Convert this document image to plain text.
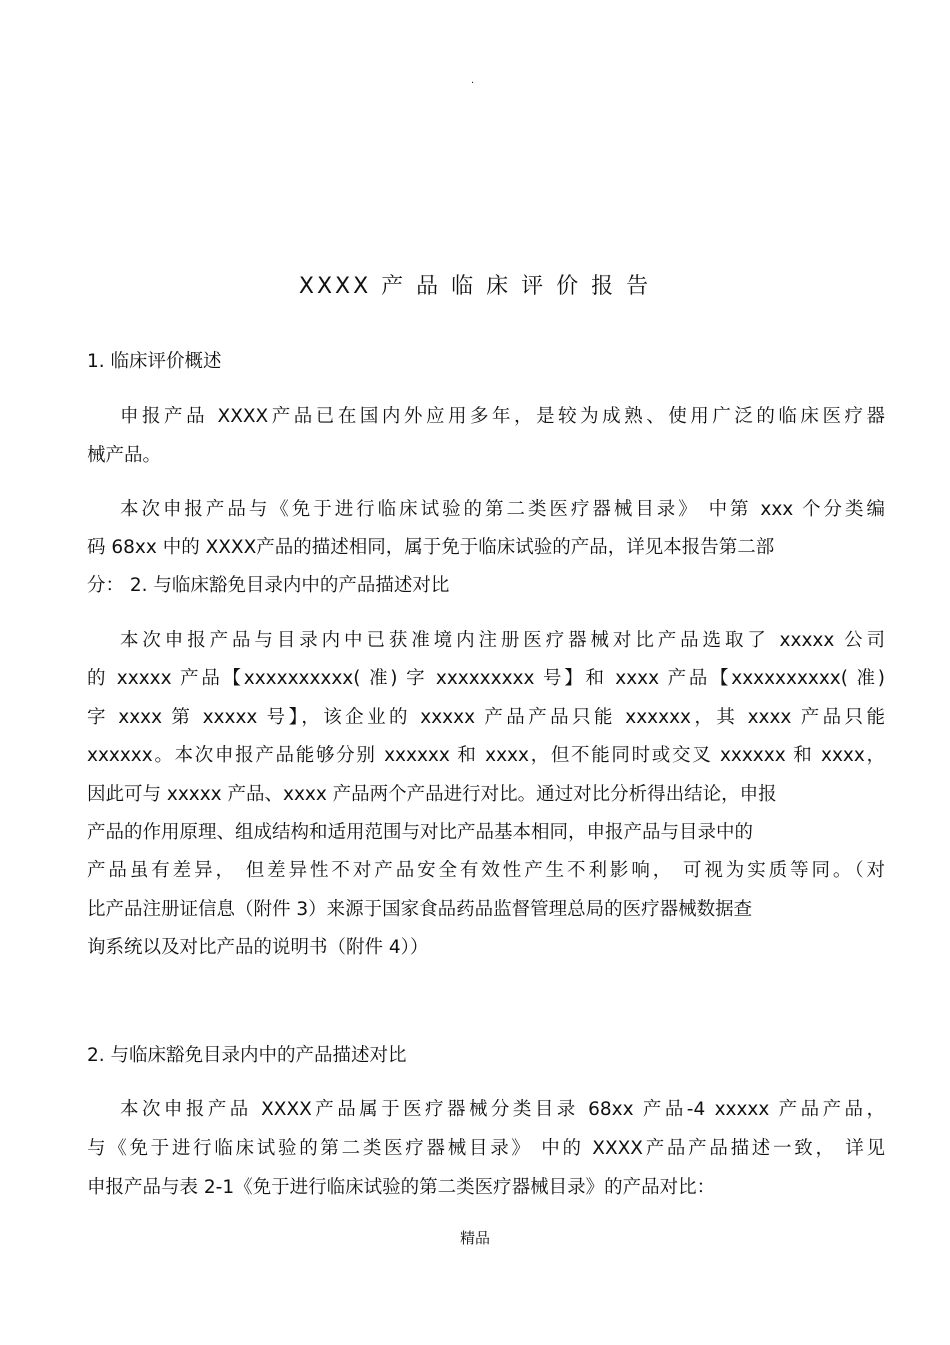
.
XXXX 产 品 临 床 评 价 报 告
1. 临床评价概述
申报产品 XXXX产品已在国内外应用多年，是较为成熟、使用广泛的临床医疗器
械产品。
本次申报产品与《免于进行临床试验的第二类医疗器械目录》 中第 xxx 个分类编
码 68xx 中的 XXXX产品的描述相同，属于免于临床试验的产品，详见本报告第二部
分： 2. 与临床豁免目录内中的产品描述对比
本次申报产品与目录内中已获准境内注册医疗器械对比产品选取了 xxxxx 公司
的 xxxxx 产品【xxxxxxxxxx( 准) 字 xxxxxxxxx 号】和 xxxx 产品【xxxxxxxxxx( 准)
字 xxxx 第 xxxxx 号】，该企业的 xxxxx 产品产品只能 xxxxxx，其 xxxx 产品只能
xxxxxx。本次申报产品能够分别 xxxxxx 和 xxxx，但不能同时或交叉 xxxxxx 和 xxxx，
因此可与 xxxxx 产品、xxxx 产品两个产品进行对比。通过对比分析得出结论，申报
产品的作用原理、组成结构和适用范围与对比产品基本相同，申报产品与目录中的
产品虽有差异， 但差异性不对产品安全有效性产生不利影响， 可视为实质等同。（对
比产品注册证信息（附件 3）来源于国家食品药品监督管理总局的医疗器械数据查
询系统以及对比产品的说明书（附件 4））
2. 与临床豁免目录内中的产品描述对比
本次申报产品 XXXX产品属于医疗器械分类目录 68xx 产品-4 xxxxx 产品产品，
与《免于进行临床试验的第二类医疗器械目录》 中的 XXXX产品产品描述一致， 详见
申报产品与表 2-1《免于进行临床试验的第二类医疗器械目录》的产品对比：
精品
